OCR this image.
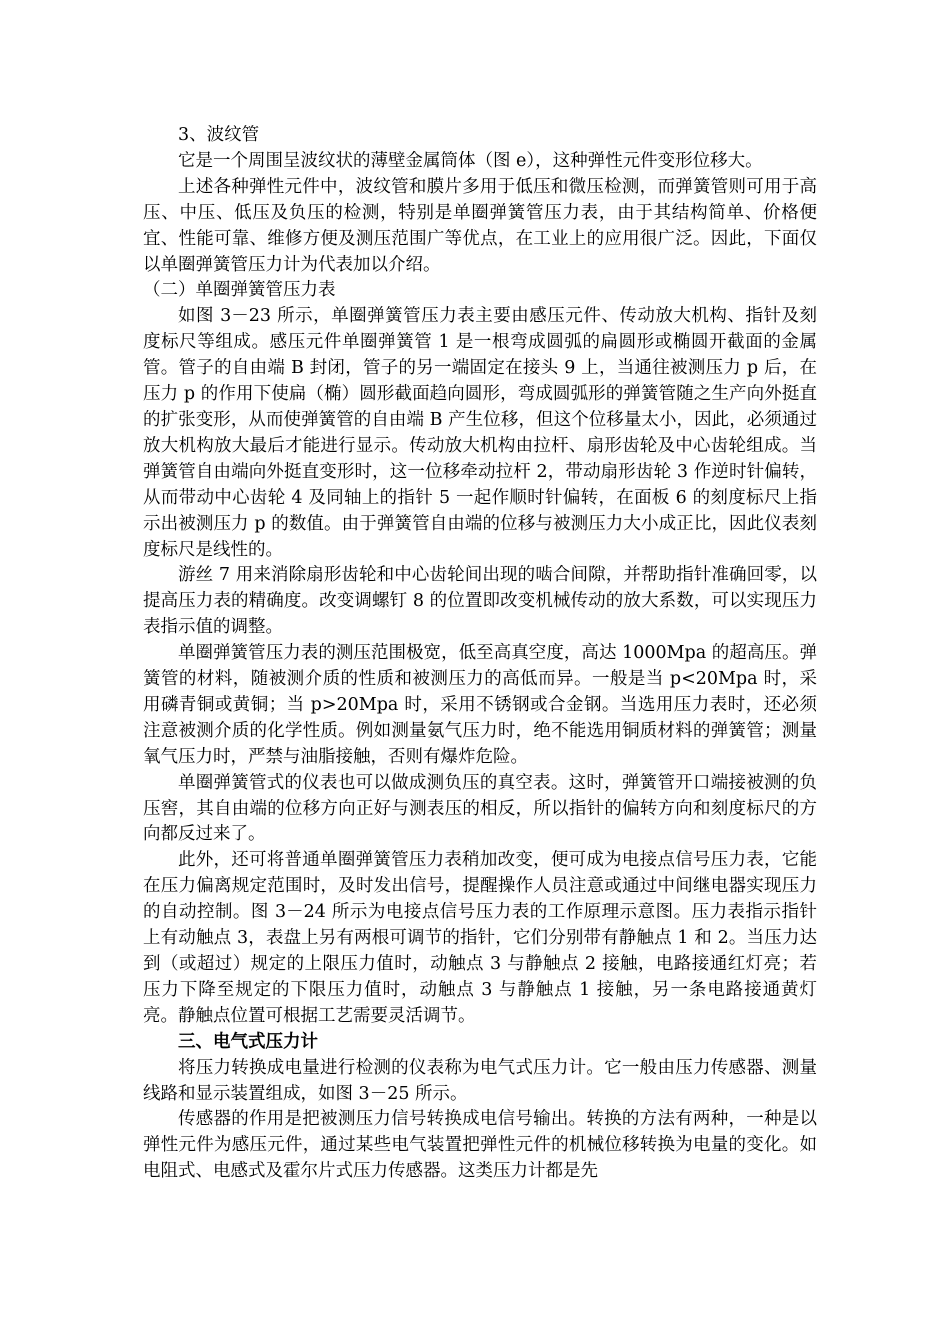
3、波纹管

它是一个周围呈波纹状的薄壁金属筒体（图 e），这种弹性元件变形位移大。

上述各种弹性元件中，波纹管和膜片多用于低压和微压检测，而弹簧管则可用于高压、中压、低压及负压的检测，特别是单圈弹簧管压力表，由于其结构简单、价格便宜、性能可靠、维修方便及测压范围广等优点，在工业上的应用很广泛。因此，下面仅以单圈弹簧管压力计为代表加以介绍。

（二）单圈弹簧管压力表

如图 3－23 所示，单圈弹簧管压力表主要由感压元件、传动放大机构、指针及刻度标尺等组成。感压元件单圈弹簧管 1 是一根弯成圆弧的扁圆形或椭圆开截面的金属管。管子的自由端 B 封闭，管子的另一端固定在接头 9 上，当通往被测压力 p 后，在压力 p 的作用下使扁（椭）圆形截面趋向圆形，弯成圆弧形的弹簧管随之生产向外挺直的扩张变形，从而使弹簧管的自由端 B 产生位移，但这个位移量太小，因此，必须通过放大机构放大最后才能进行显示。传动放大机构由拉杆、扇形齿轮及中心齿轮组成。当弹簧管自由端向外挺直变形时，这一位移牵动拉杆 2，带动扇形齿轮 3 作逆时针偏转，从而带动中心齿轮 4 及同轴上的指针 5 一起作顺时针偏转，在面板 6 的刻度标尺上指示出被测压力 p 的数值。由于弹簧管自由端的位移与被测压力大小成正比，因此仪表刻度标尺是线性的。

游丝 7 用来消除扇形齿轮和中心齿轮间出现的啮合间隙，并帮助指针准确回零，以提高压力表的精确度。改变调螺钉 8 的位置即改变机械传动的放大系数，可以实现压力表指示值的调整。

单圈弹簧管压力表的测压范围极宽，低至高真空度，高达 1000Mpa 的超高压。弹簧管的材料，随被测介质的性质和被测压力的高低而异。一般是当 p<20Mpa 时，采用磷青铜或黄铜；当 p>20Mpa 时，采用不锈钢或合金钢。当选用压力表时，还必须注意被测介质的化学性质。例如测量氨气压力时，绝不能选用铜质材料的弹簧管；测量氧气压力时，严禁与油脂接触，否则有爆炸危险。

单圈弹簧管式的仪表也可以做成测负压的真空表。这时，弹簧管开口端接被测的负压窖，其自由端的位移方向正好与测表压的相反，所以指针的偏转方向和刻度标尺的方向都反过来了。

此外，还可将普通单圈弹簧管压力表稍加改变，便可成为电接点信号压力表，它能在压力偏离规定范围时，及时发出信号，提醒操作人员注意或通过中间继电器实现压力的自动控制。图 3－24 所示为电接点信号压力表的工作原理示意图。压力表指示指针上有动触点 3，表盘上另有两根可调节的指针，它们分别带有静触点 1 和 2。当压力达到（或超过）规定的上限压力值时，动触点 3 与静触点 2 接触，电路接通红灯亮；若压力下降至规定的下限压力值时，动触点 3 与静触点 1 接触，另一条电路接通黄灯亮。静触点位置可根据工艺需要灵活调节。

三、电气式压力计

将压力转换成电量进行检测的仪表称为电气式压力计。它一般由压力传感器、测量线路和显示装置组成，如图 3－25 所示。

传感器的作用是把被测压力信号转换成电信号输出。转换的方法有两种，一种是以弹性元件为感压元件，通过某些电气装置把弹性元件的机械位移转换为电量的变化。如电阻式、电感式及霍尔片式压力传感器。这类压力计都是先
